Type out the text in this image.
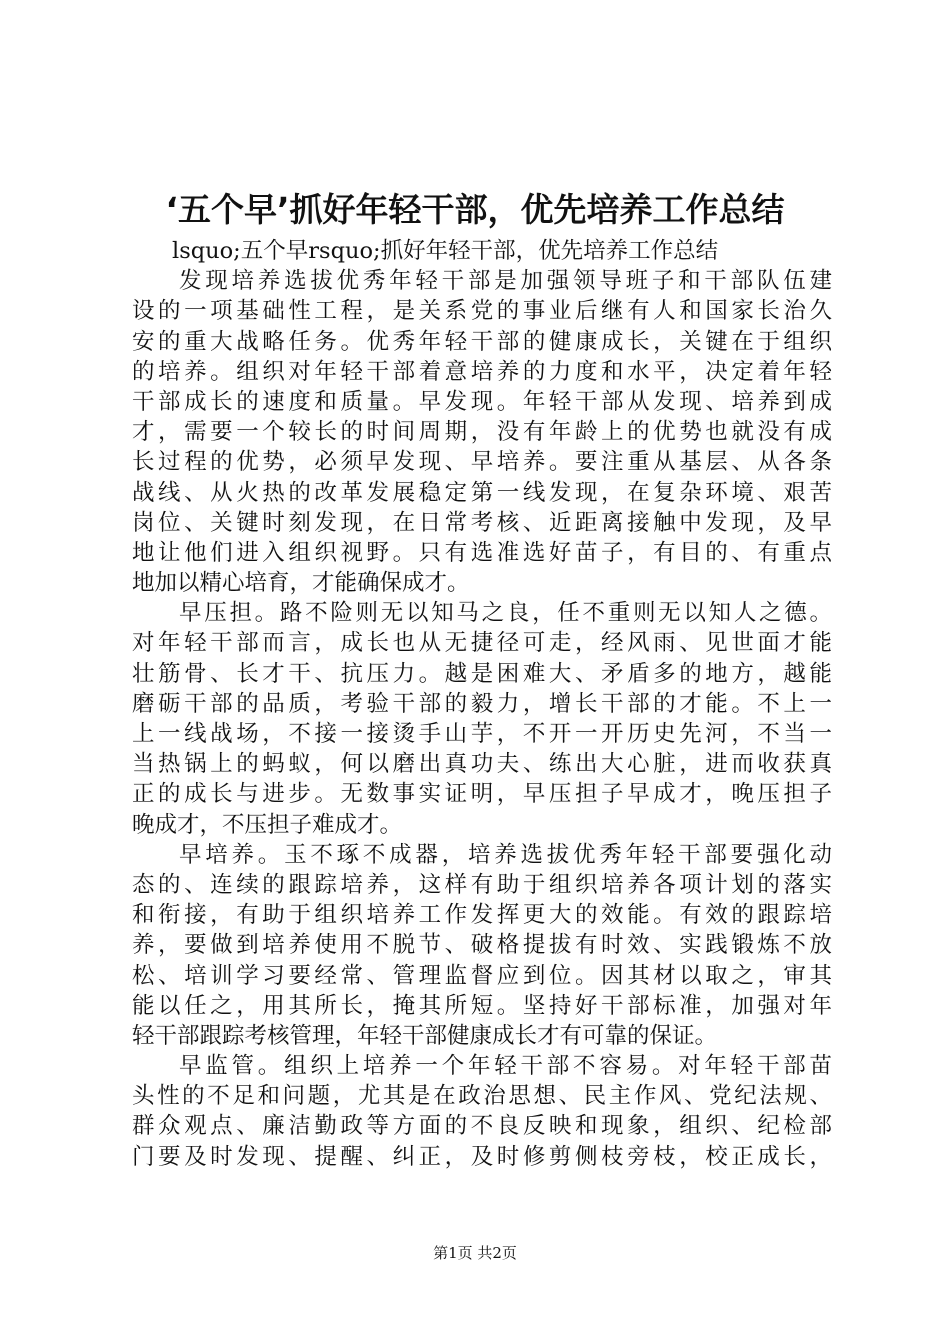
‘五个早’抓好年轻干部，优先培养工作总结
lsquo;五个早rsquo;抓好年轻干部，优先培养工作总结
发现培养选拔优秀年轻干部是加强领导班子和干部队伍建
设的一项基础性工程，是关系党的事业后继有人和国家长治久
安的重大战略任务。优秀年轻干部的健康成长，关键在于组织
的培养。组织对年轻干部着意培养的力度和水平，决定着年轻
干部成长的速度和质量。早发现。年轻干部从发现、培养到成
才，需要一个较长的时间周期，没有年龄上的优势也就没有成
长过程的优势，必须早发现、早培养。要注重从基层、从各条
战线、从火热的改革发展稳定第一线发现，在复杂环境、艰苦
岗位、关键时刻发现，在日常考核、近距离接触中发现，及早
地让他们进入组织视野。只有选准选好苗子，有目的、有重点
地加以精心培育，才能确保成才。
早压担。路不险则无以知马之良，任不重则无以知人之德。
对年轻干部而言，成长也从无捷径可走，经风雨、见世面才能
壮筋骨、长才干、抗压力。越是困难大、矛盾多的地方，越能
磨砺干部的品质，考验干部的毅力，增长干部的才能。不上一
上一线战场，不接一接烫手山芋，不开一开历史先河，不当一
当热锅上的蚂蚁，何以磨出真功夫、练出大心脏，进而收获真
正的成长与进步。无数事实证明，早压担子早成才，晚压担子
晚成才，不压担子难成才。
早培养。玉不琢不成器，培养选拔优秀年轻干部要强化动
态的、连续的跟踪培养，这样有助于组织培养各项计划的落实
和衔接，有助于组织培养工作发挥更大的效能。有效的跟踪培
养，要做到培养使用不脱节、破格提拔有时效、实践锻炼不放
松、培训学习要经常、管理监督应到位。因其材以取之，审其
能以任之，用其所长，掩其所短。坚持好干部标准，加强对年
轻干部跟踪考核管理，年轻干部健康成长才有可靠的保证。
早监管。组织上培养一个年轻干部不容易。对年轻干部苗
头性的不足和问题，尤其是在政治思想、民主作风、党纪法规、
群众观点、廉洁勤政等方面的不良反映和现象，组织、纪检部
门要及时发现、提醒、纠正，及时修剪侧枝旁枝，校正成长，
第1页 共2页
